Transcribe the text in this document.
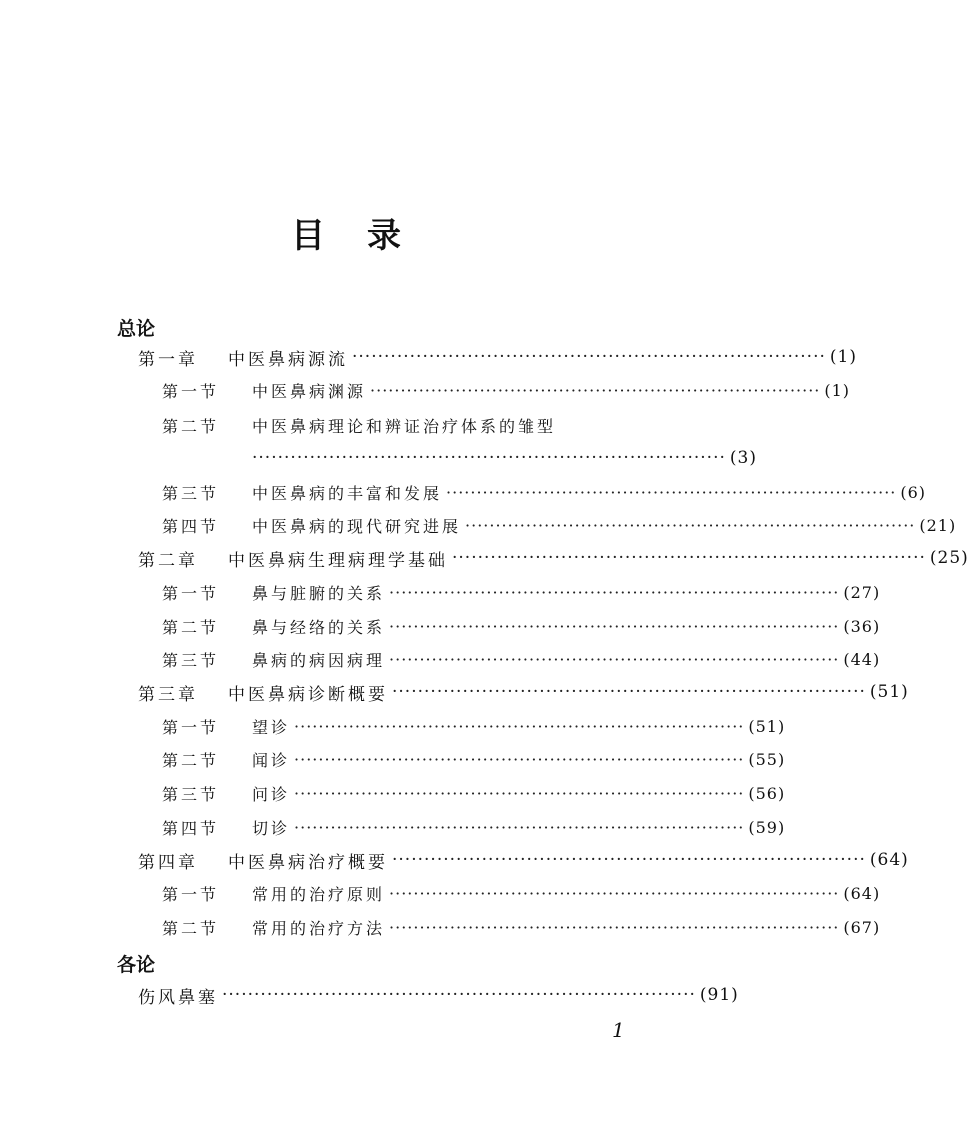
目录
总论
第一章	中医鼻病源流 ·········································································· (1)
第一节	中医鼻病渊源 ·········································································· (1)
第二节	中医鼻病理论和辨证治疗体系的雏型
·········································································· (3)
第三节	中医鼻病的丰富和发展 ·········································································· (6)
第四节	中医鼻病的现代研究进展 ·········································································· (21)
第二章	中医鼻病生理病理学基础 ·········································································· (25)
第一节	鼻与脏腑的关系 ·········································································· (27)
第二节	鼻与经络的关系 ·········································································· (36)
第三节	鼻病的病因病理 ·········································································· (44)
第三章	中医鼻病诊断概要 ·········································································· (51)
第一节	望诊 ·········································································· (51)
第二节	闻诊 ·········································································· (55)
第三节	问诊 ·········································································· (56)
第四节	切诊 ·········································································· (59)
第四章	中医鼻病治疗概要 ·········································································· (64)
第一节	常用的治疗原则 ·········································································· (64)
第二节	常用的治疗方法 ·········································································· (67)
各论
伤风鼻塞 ·········································································· (91)
1
